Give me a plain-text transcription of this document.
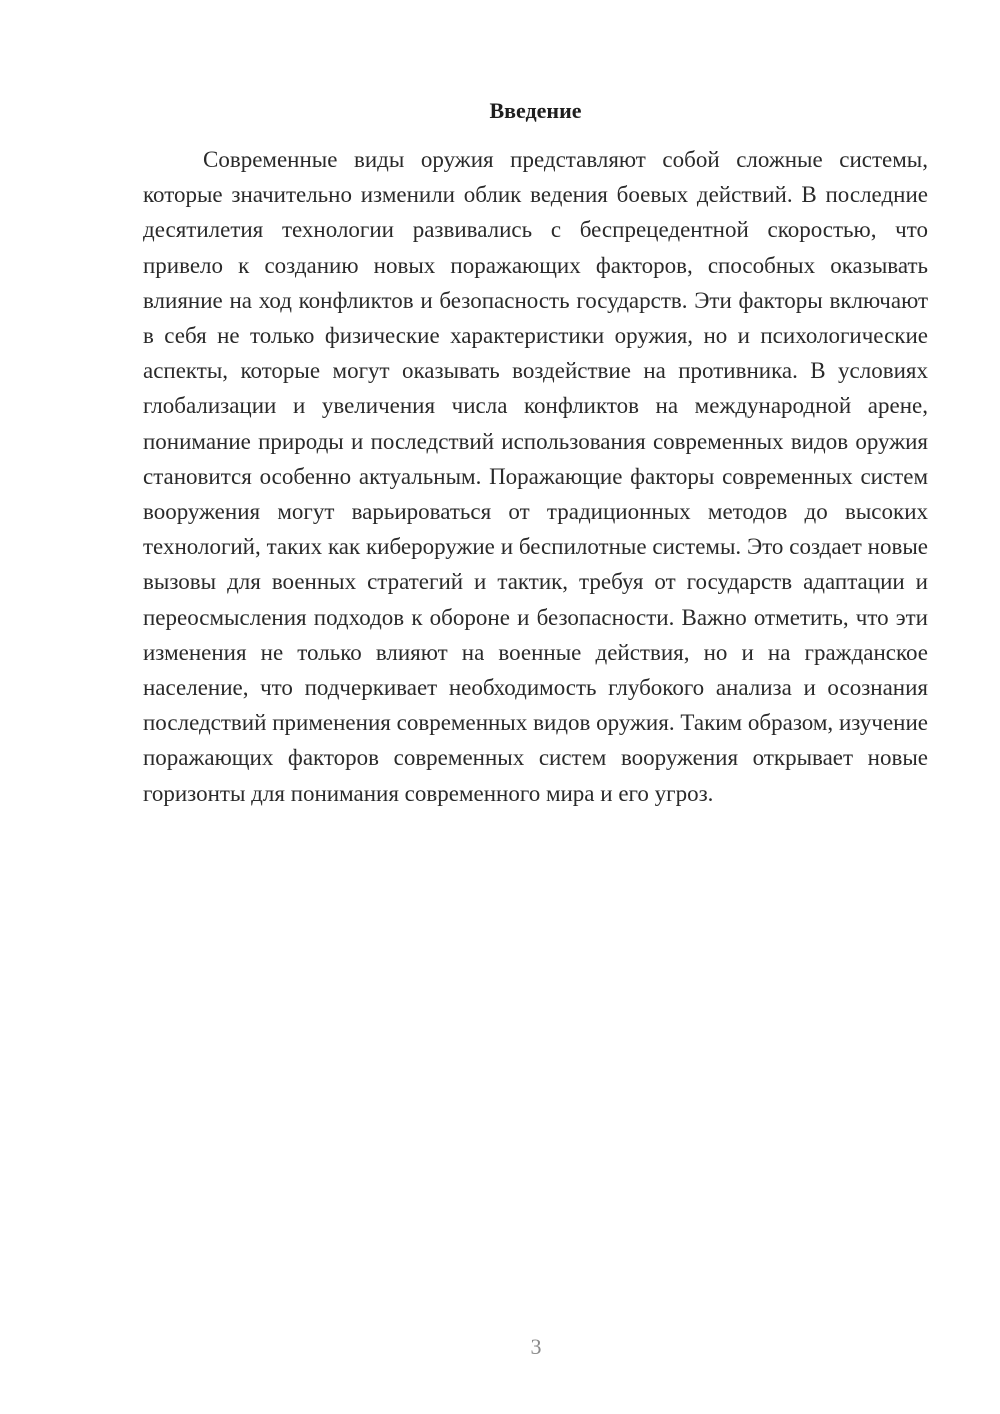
Введение

Современные виды оружия представляют собой сложные системы, которые значительно изменили облик ведения боевых действий. В последние десятилетия технологии развивались с беспрецедентной скоростью, что привело к созданию новых поражающих факторов, способных оказывать влияние на ход конфликтов и безопасность государств. Эти факторы включают в себя не только физические характеристики оружия, но и психологические аспекты, которые могут оказывать воздействие на противника. В условиях глобализации и увеличения числа конфликтов на международной арене, понимание природы и последствий использования современных видов оружия становится особенно актуальным. Поражающие факторы современных систем вооружения могут варьироваться от традиционных методов до высоких технологий, таких как кибероружие и беспилотные системы. Это создает новые вызовы для военных стратегий и тактик, требуя от государств адаптации и переосмысления подходов к обороне и безопасности. Важно отметить, что эти изменения не только влияют на военные действия, но и на гражданское население, что подчеркивает необходимость глубокого анализа и осознания последствий применения современных видов оружия. Таким образом, изучение поражающих факторов современных систем вооружения открывает новые горизонты для понимания современного мира и его угроз.

3
